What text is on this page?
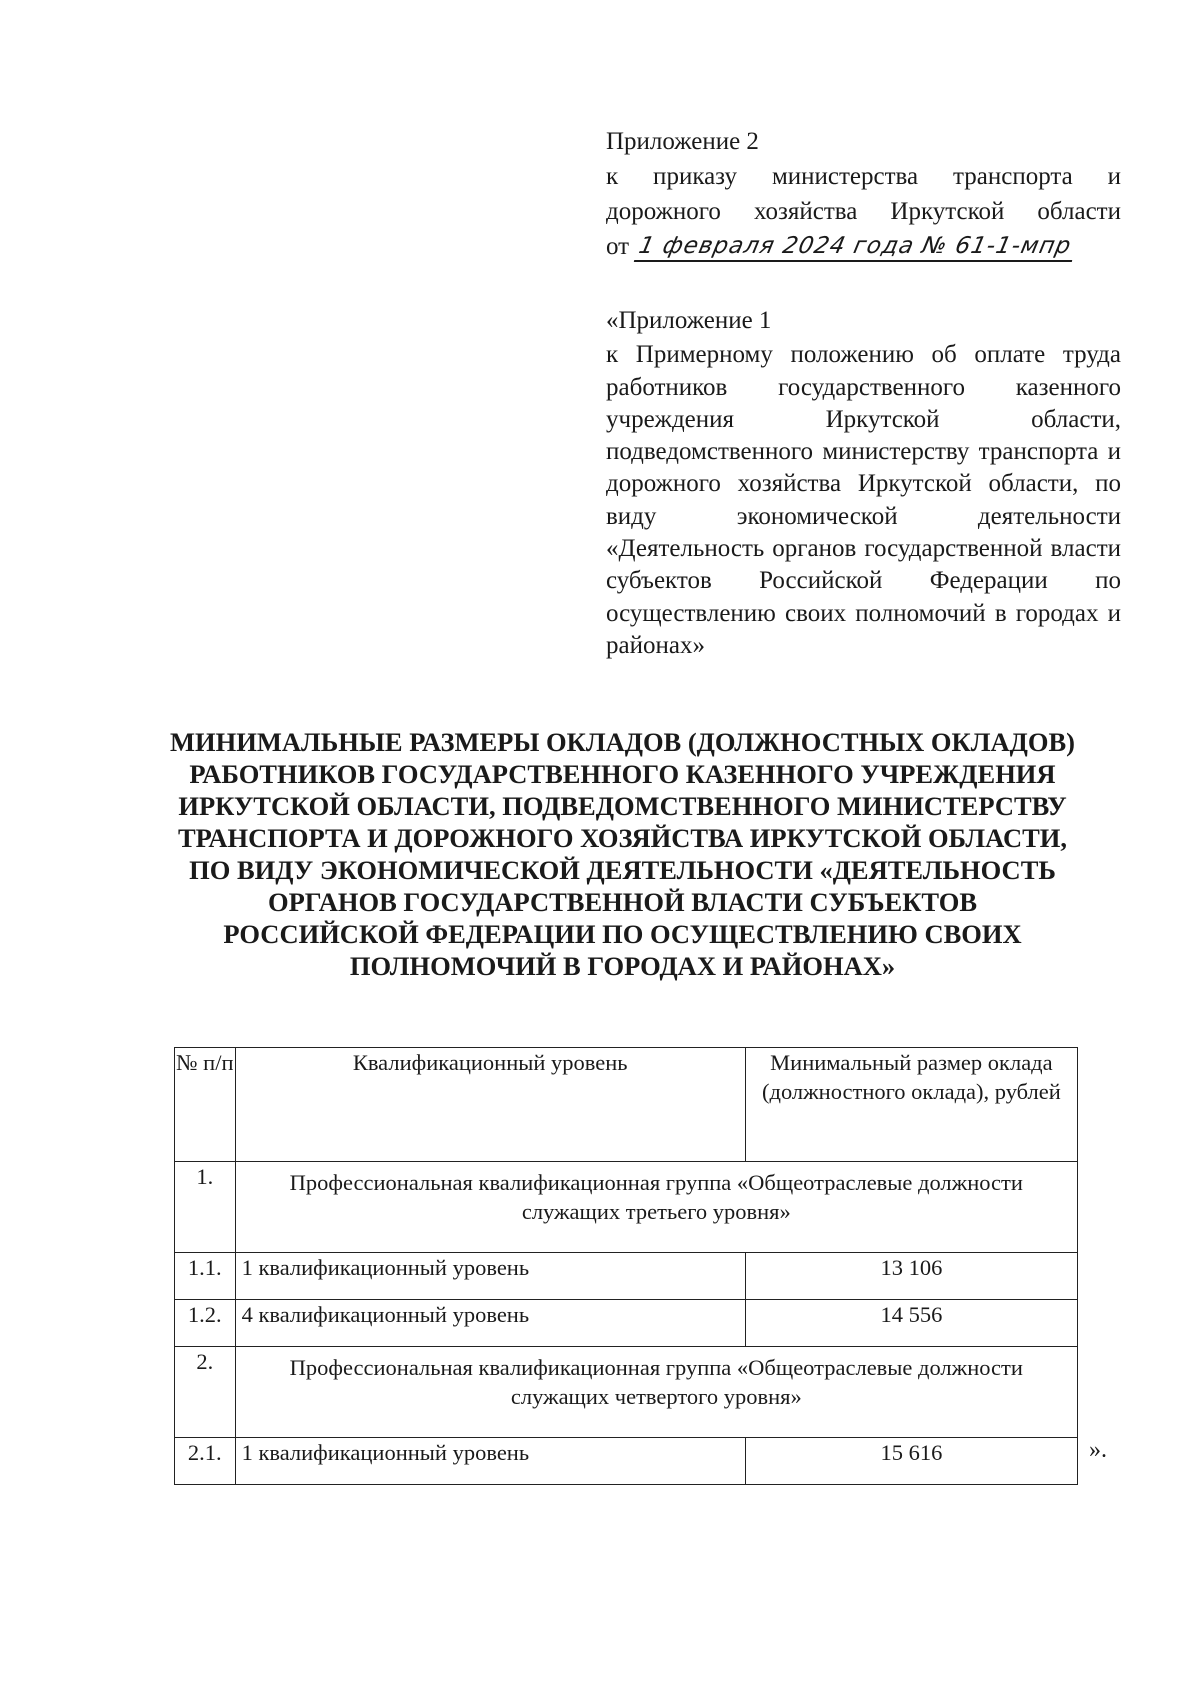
Приложение 2
к приказу министерства транспорта и
дорожного хозяйства Иркутской области
от 1 февраля 2024 года № 61-1-мпр
«Приложение 1
к Примерному положению об оплате труда работников государственного казенного учреждения Иркутской области, подведомственного министерству транспорта и дорожного хозяйства Иркутской области, по виду экономической деятельности «Деятельность органов государственной власти субъектов Российской Федерации по осуществлению своих полномочий в городах и районах»
МИНИМАЛЬНЫЕ РАЗМЕРЫ ОКЛАДОВ (ДОЛЖНОСТНЫХ ОКЛАДОВ) РАБОТНИКОВ ГОСУДАРСТВЕННОГО КАЗЕННОГО УЧРЕЖДЕНИЯ ИРКУТСКОЙ ОБЛАСТИ, ПОДВЕДОМСТВЕННОГО МИНИСТЕРСТВУ ТРАНСПОРТА И ДОРОЖНОГО ХОЗЯЙСТВА ИРКУТСКОЙ ОБЛАСТИ, ПО ВИДУ ЭКОНОМИЧЕСКОЙ ДЕЯТЕЛЬНОСТИ «ДЕЯТЕЛЬНОСТЬ ОРГАНОВ ГОСУДАРСТВЕННОЙ ВЛАСТИ СУБЪЕКТОВ РОССИЙСКОЙ ФЕДЕРАЦИИ ПО ОСУЩЕСТВЛЕНИЮ СВОИХ ПОЛНОМОЧИЙ В ГОРОДАХ И РАЙОНАХ»
№ п/п	Квалификационный уровень	Минимальный размер оклада (должностного оклада), рублей
1.	Профессиональная квалификационная группа «Общеотраслевые должности служащих третьего уровня»	
1.1.	1 квалификационный уровень	13 106
1.2.	4 квалификационный уровень	14 556
2.	Профессиональная квалификационная группа «Общеотраслевые должности служащих четвертого уровня»	
2.1.	1 квалификационный уровень	15 616	».
